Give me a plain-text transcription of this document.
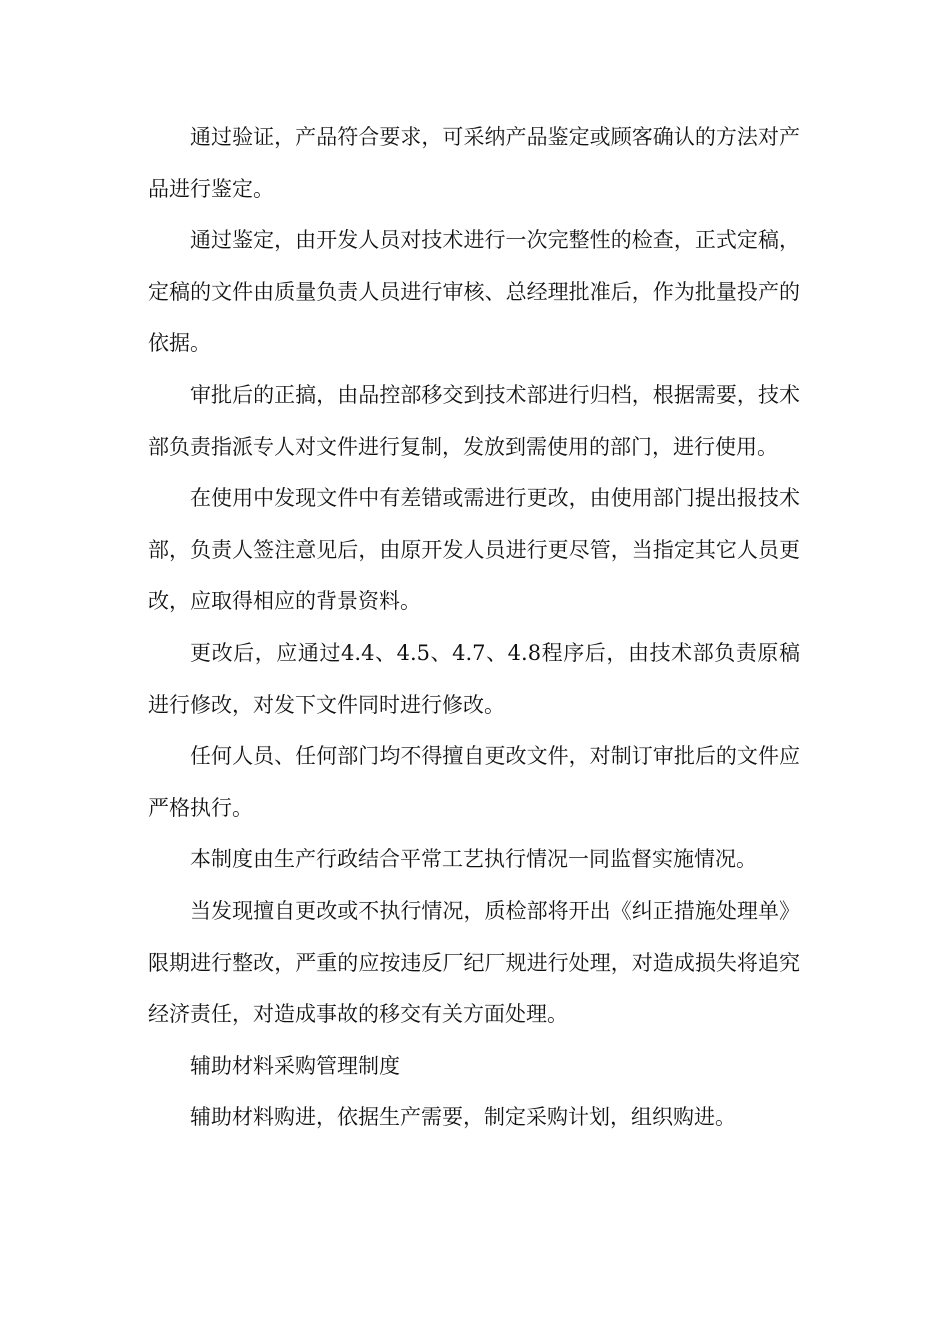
通过验证，产品符合要求，可采纳产品鉴定或顾客确认的方法对产品进行鉴定。

通过鉴定，由开发人员对技术进行一次完整性的检查，正式定稿，定稿的文件由质量负责人员进行审核、总经理批准后，作为批量投产的依据。

审批后的正搞，由品控部移交到技术部进行归档，根据需要，技术部负责指派专人对文件进行复制，发放到需使用的部门，进行使用。

在使用中发现文件中有差错或需进行更改，由使用部门提出报技术部，负责人签注意见后，由原开发人员进行更尽管，当指定其它人员更改，应取得相应的背景资料。

更改后，应通过4.4、4.5、4.7、4.8程序后，由技术部负责原稿进行修改，对发下文件同时进行修改。

任何人员、任何部门均不得擅自更改文件，对制订审批后的文件应严格执行。

本制度由生产行政结合平常工艺执行情况一同监督实施情况。

当发现擅自更改或不执行情况，质检部将开出《纠正措施处理单》限期进行整改，严重的应按违反厂纪厂规进行处理，对造成损失将追究经济责任，对造成事故的移交有关方面处理。

辅助材料采购管理制度

辅助材料购进，依据生产需要，制定采购计划，组织购进。
